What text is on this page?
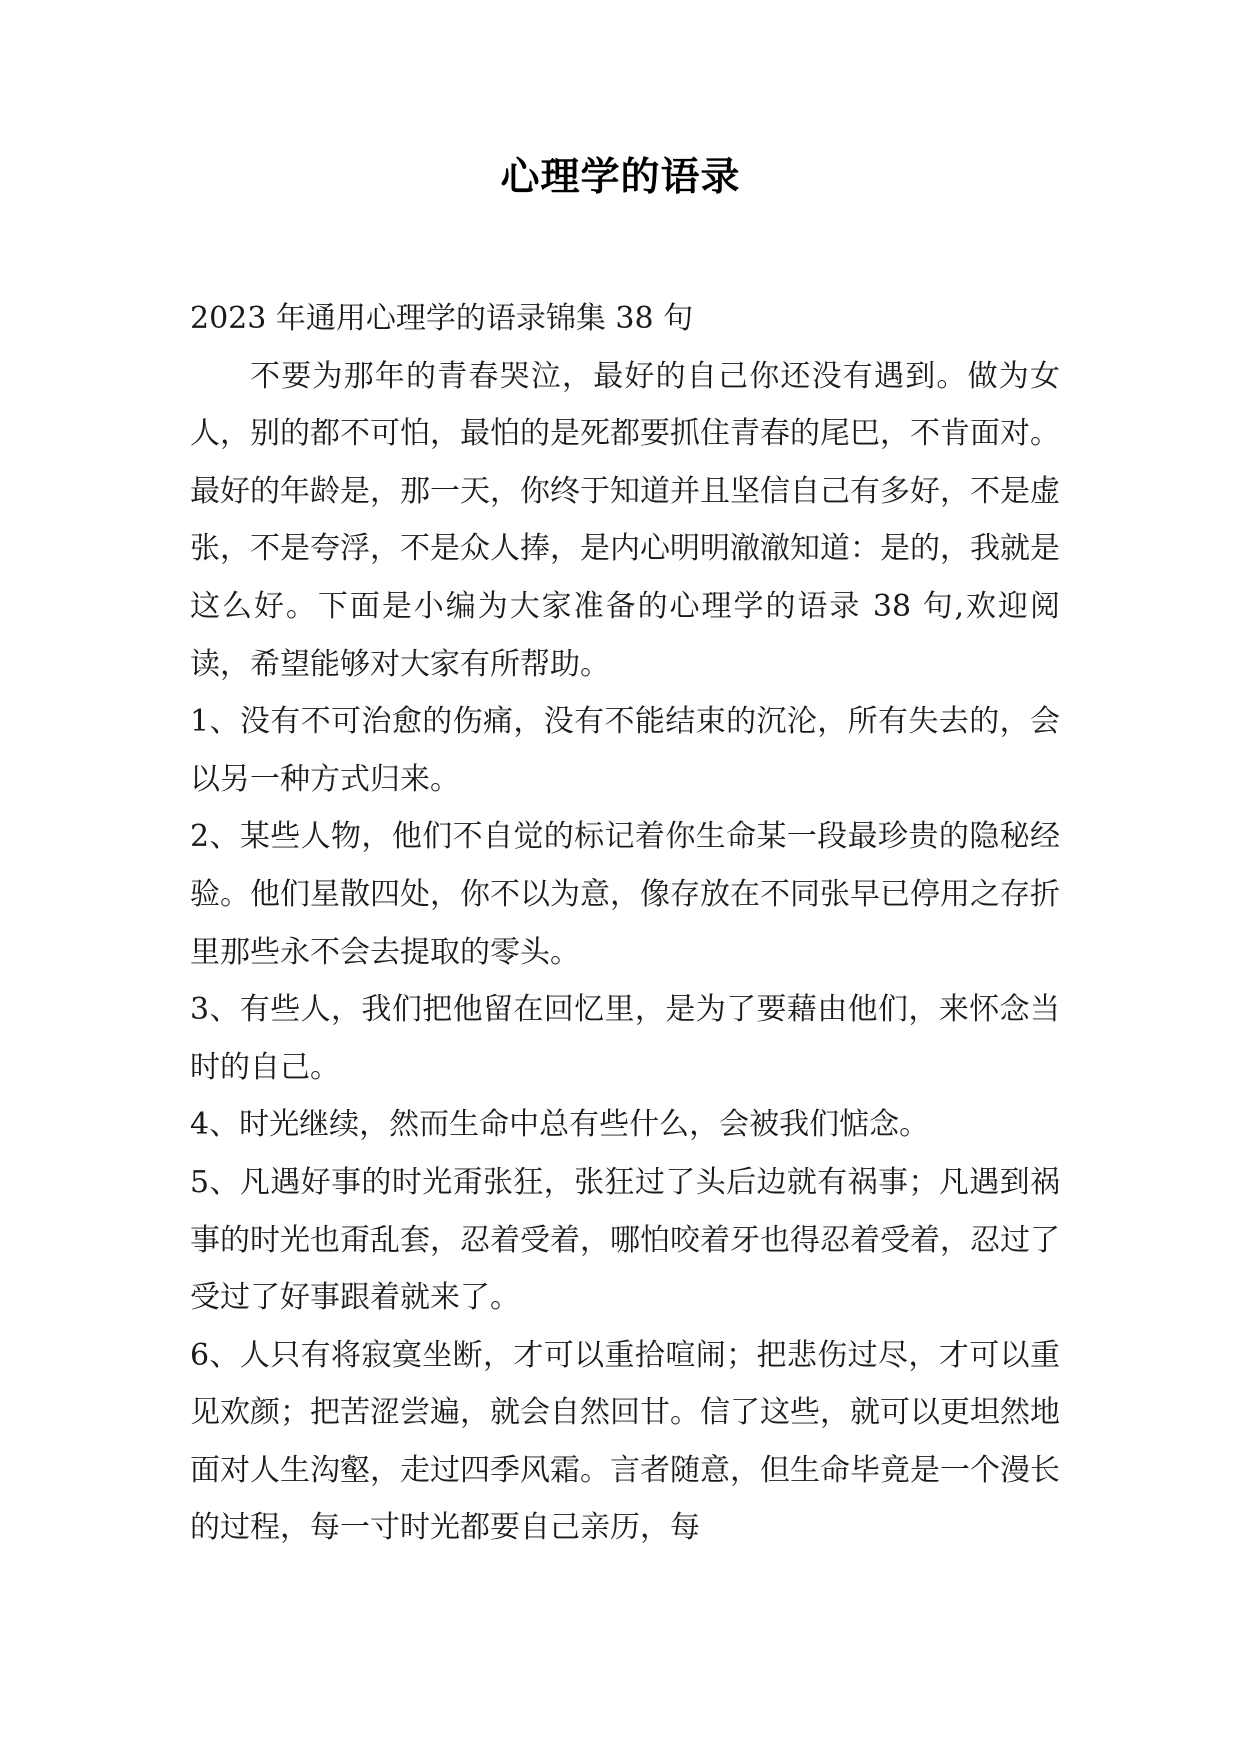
心理学的语录

2023 年通用心理学的语录锦集 38 句

不要为那年的青春哭泣，最好的自己你还没有遇到。做为女人，别的都不可怕，最怕的是死都要抓住青春的尾巴，不肯面对。最好的年龄是，那一天，你终于知道并且坚信自己有多好，不是虚张，不是夸浮，不是众人捧，是内心明明澈澈知道：是的，我就是这么好。下面是小编为大家准备的心理学的语录 38 句,欢迎阅读，希望能够对大家有所帮助。

1、没有不可治愈的伤痛，没有不能结束的沉沦，所有失去的，会以另一种方式归来。

2、某些人物，他们不自觉的标记着你生命某一段最珍贵的隐秘经验。他们星散四处，你不以为意，像存放在不同张早已停用之存折里那些永不会去提取的零头。

3、有些人，我们把他留在回忆里，是为了要藉由他们，来怀念当时的自己。

4、时光继续，然而生命中总有些什么，会被我们惦念。

5、凡遇好事的时光甭张狂，张狂过了头后边就有祸事；凡遇到祸事的时光也甭乱套，忍着受着，哪怕咬着牙也得忍着受着，忍过了受过了好事跟着就来了。

6、人只有将寂寞坐断，才可以重拾喧闹；把悲伤过尽，才可以重见欢颜；把苦涩尝遍，就会自然回甘。信了这些，就可以更坦然地面对人生沟壑，走过四季风霜。言者随意，但生命毕竟是一个漫长的过程，每一寸时光都要自己亲历，每
